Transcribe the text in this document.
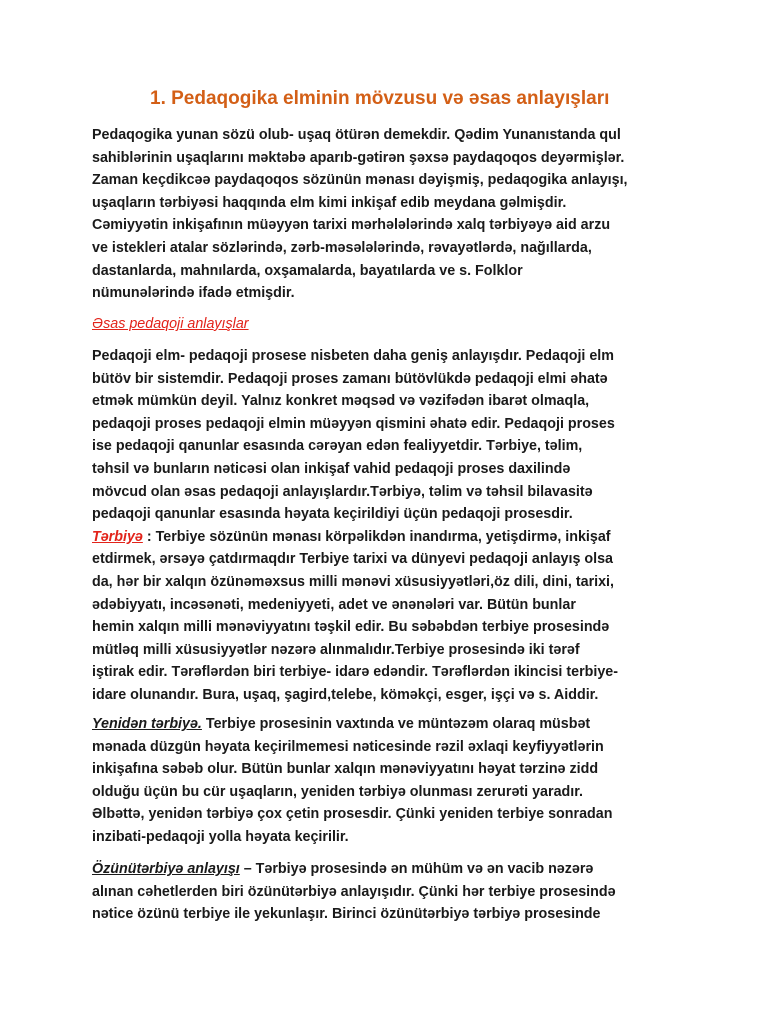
1. Pedaqogika elminin mövzusu və əsas anlayışları
Pedaqogika yunan sözü olub- uşaq ötürən demekdir. Qədim Yunanıstanda qul
sahiblərinin uşaqlarını məktəbə aparıb-gətirən şəxsə paydaqoqos deyərmişlər.
Zaman keçdikcəə paydaqoqos sözünün mənası dəyişmiş, pedaqogika anlayışı,
uşaqların tərbiyəsi haqqında elm kimi inkişaf edib meydana gəlmişdir.
Cəmiyyətin inkişafının müəyyən tarixi mərhələlərində xalq tərbiyəyə aid arzu
ve istekleri atalar sözlərində, zərb-məsələlərində, rəvayətlərdə, nağıllarda,
dastanlarda, mahnılarda, oxşamalarda, bayatılarda ve s. Folklor
nümunələrində ifadə etmişdir.
Əsas pedaqoji anlayışlar
Pedaqoji elm- pedaqoji prosese nisbeten daha geniş anlayışdır. Pedaqoji elm
bütöv bir sistemdir. Pedaqoji proses zamanı bütövlükdə pedaqoji elmi əhatə
etmək mümkün deyil. Yalnız konkret məqsəd və vəzifədən ibarət olmaqla,
pedaqoji proses pedaqoji elmin müəyyən qismini əhatə edir. Pedaqoji proses
ise pedaqoji qanunlar esasında cərəyan edən fealiyyetdir. Tərbiye, təlim,
təhsil və bunların nəticəsi olan inkişaf vahid pedaqoji proses daxilində
mövcud olan əsas pedaqoji anlayışlardır.Tərbiyə, təlim və təhsil bilavasitə
pedaqoji qanunlar esasında həyata keçirildiyi üçün pedaqoji prosesdir.
Tərbiyə : Terbiye sözünün mənası körpəlikdən inandırma, yetişdirmə, inkişaf
etdirmek, ərsəyə çatdırmaqdır Terbiye tarixi va dünyevi pedaqoji anlayış olsa
da, hər bir xalqın özünəməxsus milli mənəvi xüsusiyyətləri,öz dili, dini, tarixi,
ədəbiyyatı, incəsənəti, medeniyyeti, adet ve ənənələri var. Bütün bunlar
hemin xalqın milli mənəviyyatını təşkil edir. Bu səbəbdən terbiye prosesində
mütləq milli xüsusiyyətlər nəzərə alınmalıdır.Terbiye prosesində iki tərəf
iştirak edir. Tərəflərdən biri terbiye- idarə edəndir. Tərəflərdən ikincisi terbiye-
idare olunandır. Bura, uşaq, şagird,telebe, köməkçi, esger, işçi və s. Aiddir.
Yenidən tərbiyə. Terbiye prosesinin vaxtında ve müntəzəm olaraq müsbət
mənada düzgün həyata keçirilmemesi nəticesinde rəzil əxlaqi keyfiyyətlərin
inkişafına səbəb olur. Bütün bunlar xalqın mənəviyyatını həyat tərzinə zidd
olduğu üçün bu cür uşaqların, yeniden tərbiyə olunması zerurəti yaradır.
Əlbəttə, yenidən tərbiyə çox çetin prosesdir. Çünki yeniden terbiye sonradan
inzibati-pedaqoji yolla həyata keçirilir.
Özünütərbiyə anlayışı – Tərbiyə prosesində ən mühüm və ən vacib nəzərə
alınan cəhetlerden biri özünütərbiyə anlayışıdır. Çünki hər terbiye prosesində
nətice özünü terbiye ile yekunlaşır. Birinci özünütərbiyə tərbiyə prosesinde
